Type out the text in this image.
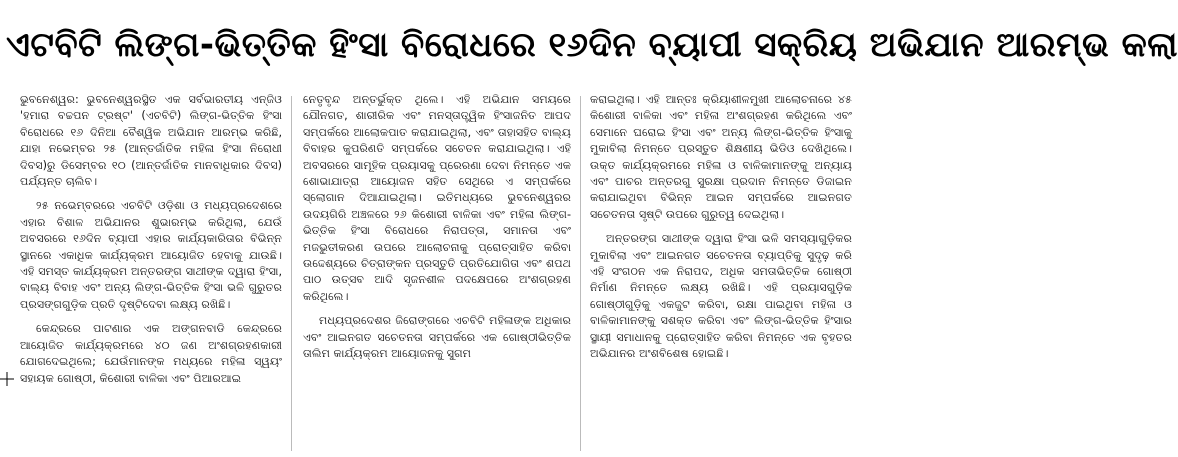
ଏଟବିଟି ଲିଙ୍ଗ-ଭିତ୍ତିକ ହିଂସା ବିରୋଧରେ ୧୬ଦିନ ବ୍ୟାପୀ ସକ୍ରିୟ ଅଭିଯାନ ଆରମ୍ଭ କଲା

ଭୁବନେଶ୍ୱର: ଭୁବନେଶ୍ୱରସ୍ଥିତ ଏକ ସର୍ବଭାରତୀୟ ଏନ୍‌ଜିଓ 'ହମାରା ବଚ୍ଚପନ ଟ୍ରଷ୍ଟ' (ଏଚବିଟି) ଲିଙ୍ଗ-ଭିତ୍ତିକ ହିଂସା ବିରୋଧରେ ୧୬ ଦିନିଆ ବୈଶ୍ୱିକ ଅଭିଯାନ ଆରମ୍ଭ କରିଛି, ଯାହା ନଭେମ୍ବର ୨୫ (ଆନ୍ତର୍ଜାତିକ ମହିଳା ହିଂସା ନିରୋଧୀ ଦିବସ)ରୁ ଡିସେମ୍ବର ୧୦ (ଆନ୍ତର୍ଜାତିକ ମାନବାଧିକାର ଦିବସ) ପର୍ଯ୍ୟନ୍ତ ଚାଲିବ।

୨୫ ନଭେମ୍ବରରେ ଏଚବିଟି ଓଡ଼ିଶା ଓ ମଧ୍ୟପ୍ରଦେଶରେ ଏହାର ବିଶାଳ ଅଭିଯାନର ଶୁଭାରମ୍ଭ କରିଥିଲା, ଯେଉଁ ଅବସରରେ ୧୬ଦିନ ବ୍ୟାପୀ ଏହାର କାର୍ଯ୍ୟକାରିତାର ବିଭିନ୍ନ ସ୍ଥାନରେ ଏକାଧିକ କାର୍ଯ୍ୟକ୍ରମ ଆୟୋଜିତ ହେବାକୁ ଯାଉଛି। ଏହି ସମସ୍ତ କାର୍ଯ୍ୟକ୍ରମ ଅନ୍ତରଙ୍ଗ ସାଥୀଙ୍କ ଦ୍ୱାରା ହିଂସା, ବାଲ୍ୟ ବିବାହ ଏବଂ ଅନ୍ୟ ଲିଙ୍ଗ-ଭିତ୍ତିକ ହିଂସା ଭଳି ଗୁରୁତର ପ୍ରସଙ୍ଗଗୁଡ଼ିକ ପ୍ରତି ଦୃଷ୍ଟିଦେବା ଲକ୍ଷ୍ୟ ରଖିଛି।

କେନ୍ଦ୍ରରେ ପାଟଣାର ଏକ ଅଙ୍ଗନବାଡି କେନ୍ଦ୍ରରେ ଆୟୋଜିତ କାର୍ଯ୍ୟକ୍ରମରେ ୪୦ ଜଣ ଅଂଶଗ୍ରହଣକାରୀ ଯୋଗଦେଇଥିଲେ; ଯେଉଁମାନଙ୍କ ମଧ୍ୟରେ ମହିଳା ସ୍ୱୟଂ ସହାୟକ ଗୋଷ୍ଠୀ, କିଶୋରୀ ବାଳିକା ଏବଂ ପିଆରଆଇ

ନେତୃବୃନ୍ଦ ଅନ୍ତର୍ଭୁକ୍ତ ଥିଲେ। ଏହି ଅଭିଯାନ ସମୟରେ ଯୌନଗତ, ଶାରୀରିକ ଏବଂ ମନସ୍ତାତ୍ତ୍ୱିକ ହିଂସାଜନିତ ଆପଦ ସମ୍ପର୍କରେ ଆଲୋକପାତ କରାଯାଇଥିଲା, ଏବଂ ତାହାସହିତ ବାଲ୍ୟ ବିବାହର କୁପରିଣତି ସମ୍ପର୍କରେ ସଚେତନ କରାଯାଇଥିଲା। ଏହି ଅବସରରେ ସାମୂହିକ ପ୍ରୟାସକୁ ପ୍ରେରଣା ଦେବା ନିମନ୍ତେ ଏକ ଶୋଭାଯାତ୍ରା ଆୟୋଜନ ସହିତ ସେଥିରେ ଏ ସମ୍ପର୍କରେ ସ୍ଲୋଗାନ ଦିଆଯାଇଥିଲା। ଇତିମଧ୍ୟରେ ଭୁବନେଶ୍ୱରର ଉଦୟଗିରି ଅଞ୍ଚଳରେ ୨୬ କିଶୋରୀ ବାଳିକା ଏବଂ ମହିଳା ଲିଙ୍ଗ-ଭିତ୍ତିକ ହିଂସା ବିରୋଧରେ ନିରାପତ୍ତା, ସମାନତା ଏବଂ ମଜଭୁତୀକରଣ ଉପରେ ଆଲୋଚନାକୁ ପ୍ରୋତ୍ସାହିତ କରିବା ଉଦ୍ଦେଶ୍ୟରେ ଚିତ୍ରାଙ୍କନ ପ୍ରସ୍ତୁତି ପ୍ରତିଯୋଗିତା ଏବଂ ଶପଥ ପାଠ ଉତ୍ସବ ଆଦି ସୃଜନଶୀଳ ପଦକ୍ଷେପରେ ଅଂଶଗ୍ରହଣ କରିଥିଲେ।

ମଧ୍ୟପ୍ରଦେଶର ଜିରୋଙ୍ଗରେ ଏଚବିଟି ମହିଳାଙ୍କ ଅଧିକାର ଏବଂ ଆଇନଗତ ସଚେତନତା ସମ୍ପର୍କରେ ଏକ ଗୋଷ୍ଠୀଭିତ୍ତିକ ତାଲିମ କାର୍ଯ୍ୟକ୍ରମ ଆୟୋଜନକୁ ସୁଗମ

କରାଇଥିଲା। ଏହି ଆନ୍ତଃ କ୍ରିୟାଶୀଳମୁଖୀ ଆଲୋଚନାରେ ୪୫ କିଶୋରୀ ବାଳିକା ଏବଂ ମହିଳା ଅଂଶଗ୍ରହଣ କରିଥିଲେ ଏବଂ ସେମାନେ ଘରୋଇ ହିଂସା ଏବଂ ଅନ୍ୟ ଲିଙ୍ଗ-ଭିତ୍ତିକ ହିଂସାକୁ ମୁକାବିଲା ନିମନ୍ତେ ପ୍ରସ୍ତୁତ ଶିକ୍ଷଣୀୟ ଭିଡିଓ ଦେଖିଥିଲେ। ଉକ୍ତ କାର୍ଯ୍ୟକ୍ରମରେ ମହିଳା ଓ ବାଳିକାମାନଙ୍କୁ ଅନ୍ୟାୟ ଏବଂ ପାଚର ଅନ୍ତରଗୁ ସୁରକ୍ଷା ପ୍ରଦାନ ନିମନ୍ତେ ଡିଜାଇନ କରାଯାଇଥିବା ବିଭିନ୍ନ ଆଇନ ସମ୍ପର୍କରେ ଆଇନଗତ ସଚେତନତା ସୃଷ୍ଟି ଉପରେ ଗୁରୁତ୍ୱ ଦେଇଥିଲା।

ଅନ୍ତରଙ୍ଗ ସାଥୀଙ୍କ ଦ୍ୱାରା ହିଂସା ଭଳି ସମସ୍ୟାଗୁଡ଼ିକର ମୁକାବିଲା ଏବଂ ଆଇନଗତ ସଚେତନତା ବ୍ୟାପ୍ତିକୁ ସୁଦୃଢ଼ କରି ଏହି ସଂଗଠନ ଏକ ନିରାପଦ, ଅଧିକ ସମତାଭିତ୍ତିକ ଗୋଷ୍ଠୀ ନିର୍ମାଣ ନିମନ୍ତେ ଲକ୍ଷ୍ୟ ରଖିଛି। ଏହି ପ୍ରୟାସଗୁଡ଼ିକ ଗୋଷ୍ଠୀଗୁଡ଼ିକୁ ଏକଜୁଟ କରିବା, ରକ୍ଷା ପାଇଥିବା ମହିଳା ଓ ବାଳିକାମାନଙ୍କୁ ସଶକ୍ତ କରିବା ଏବଂ ଲିଙ୍ଗ-ଭିତ୍ତିକ ହିଂସାର ସ୍ଥାୟୀ ସମାଧାନକୁ ପ୍ରୋତ୍ସାହିତ କରିବା ନିମନ୍ତେ ଏକ ବୃହତର ଅଭିଯାନର ଅଂଶବିଶେଷ ହୋଇଛି।
